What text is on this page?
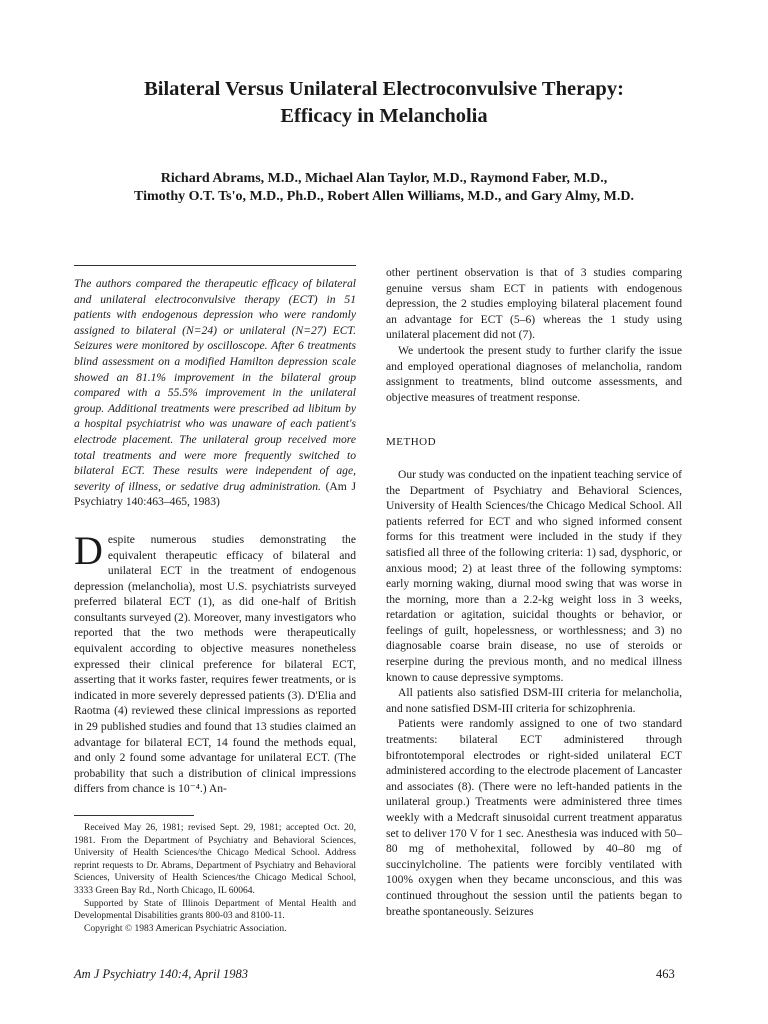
Bilateral Versus Unilateral Electroconvulsive Therapy:
Efficacy in Melancholia
Richard Abrams, M.D., Michael Alan Taylor, M.D., Raymond Faber, M.D.,
Timothy O.T. Ts'o, M.D., Ph.D., Robert Allen Williams, M.D., and Gary Almy, M.D.
The authors compared the therapeutic efficacy of bilateral and unilateral electroconvulsive therapy (ECT) in 51 patients with endogenous depression who were randomly assigned to bilateral (N=24) or unilateral (N=27) ECT. Seizures were monitored by oscilloscope. After 6 treatments blind assessment on a modified Hamilton depression scale showed an 81.1% improvement in the bilateral group compared with a 55.5% improvement in the unilateral group. Additional treatments were prescribed ad libitum by a hospital psychiatrist who was unaware of each patient's electrode placement. The unilateral group received more total treatments and were more frequently switched to bilateral ECT. These results were independent of age, severity of illness, or sedative drug administration. (Am J Psychiatry 140:463–465, 1983)
Despite numerous studies demonstrating the equivalent therapeutic efficacy of bilateral and unilateral ECT in the treatment of endogenous depression (melancholia), most U.S. psychiatrists surveyed preferred bilateral ECT (1), as did one-half of British consultants surveyed (2). Moreover, many investigators who reported that the two methods were therapeutically equivalent according to objective measures nonetheless expressed their clinical preference for bilateral ECT, asserting that it works faster, requires fewer treatments, or is indicated in more severely depressed patients (3). D'Elia and Raotma (4) reviewed these clinical impressions as reported in 29 published studies and found that 13 studies claimed an advantage for bilateral ECT, 14 found the methods equal, and only 2 found some advantage for unilateral ECT. (The probability that such a distribution of clinical impressions differs from chance is 10⁻⁴.) An-

Received May 26, 1981; revised Sept. 29, 1981; accepted Oct. 20, 1981. From the Department of Psychiatry and Behavioral Sciences, University of Health Sciences/the Chicago Medical School. Address reprint requests to Dr. Abrams, Department of Psychiatry and Behavioral Sciences, University of Health Sciences/the Chicago Medical School, 3333 Green Bay Rd., North Chicago, IL 60064.

Supported by State of Illinois Department of Mental Health and Developmental Disabilities grants 800-03 and 8100-11.

Copyright © 1983 American Psychiatric Association.

other pertinent observation is that of 3 studies comparing genuine versus sham ECT in patients with endogenous depression, the 2 studies employing bilateral placement found an advantage for ECT (5–6) whereas the 1 study using unilateral placement did not (7).

We undertook the present study to further clarify the issue and employed operational diagnoses of melancholia, random assignment to treatments, blind outcome assessments, and objective measures of treatment response.

METHOD

Our study was conducted on the inpatient teaching service of the Department of Psychiatry and Behavioral Sciences, University of Health Sciences/the Chicago Medical School. All patients referred for ECT and who signed informed consent forms for this treatment were included in the study if they satisfied all three of the following criteria: 1) sad, dysphoric, or anxious mood; 2) at least three of the following symptoms: early morning waking, diurnal mood swing that was worse in the morning, more than a 2.2-kg weight loss in 3 weeks, retardation or agitation, suicidal thoughts or behavior, or feelings of guilt, hopelessness, or worthlessness; and 3) no diagnosable coarse brain disease, no use of steroids or reserpine during the previous month, and no medical illness known to cause depressive symptoms.

All patients also satisfied DSM-III criteria for melancholia, and none satisfied DSM-III criteria for schizophrenia.

Patients were randomly assigned to one of two standard treatments: bilateral ECT administered through bifrontotemporal electrodes or right-sided unilateral ECT administered according to the electrode placement of Lancaster and associates (8). (There were no left-handed patients in the unilateral group.) Treatments were administered three times weekly with a Medcraft sinusoidal current treatment apparatus set to deliver 170 V for 1 sec. Anesthesia was induced with 50–80 mg of methohexital, followed by 40–80 mg of succinylcholine. The patients were forcibly ventilated with 100% oxygen when they became unconscious, and this was continued throughout the session until the patients began to breathe spontaneously. Seizures

Am J Psychiatry 140:4, April 1983	463
